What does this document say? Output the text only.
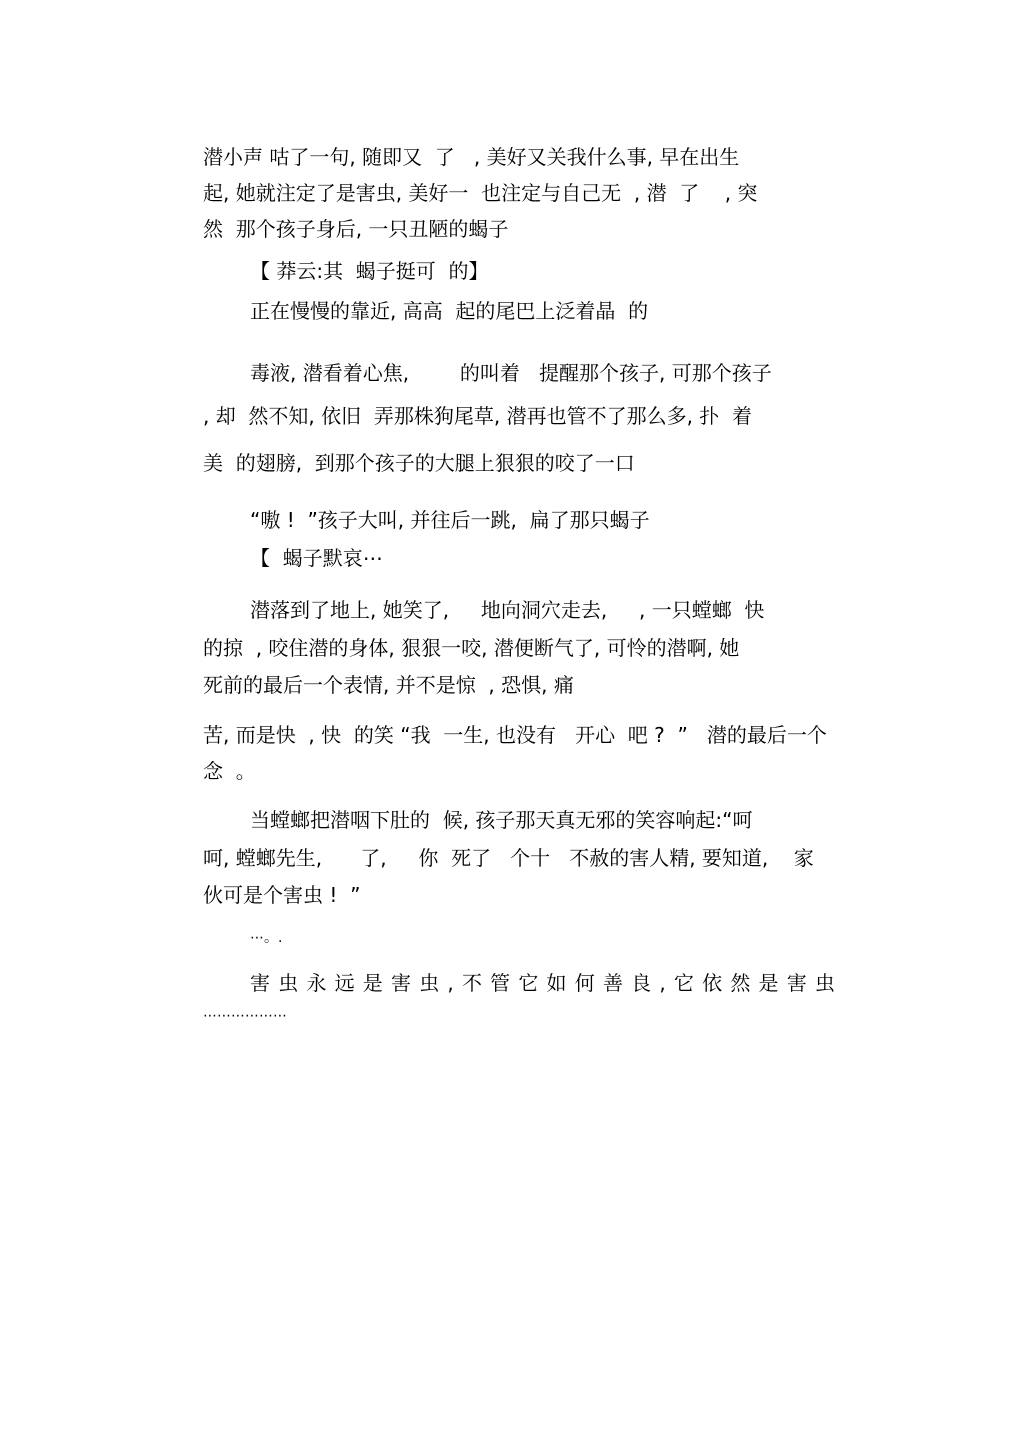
潜小声 咕了一句, 随即又  了   , 美好又关我什么事, 早在出生
起, 她就注定了是害虫, 美好一  也注定与自己无  , 潜  了    , 突
然  那个孩子身后, 一只丑陋的蝎子
【 莽云:其  蝎子挺可  的】
正在慢慢的靠近, 高高  起的尾巴上泛着晶  的
毒液, 潜看着心焦,        的叫着   提醒那个孩子, 可那个孩子
, 却  然不知, 依旧  弄那株狗尾草, 潜再也管不了那么多, 扑  着
美  的翅膀,  到那个孩子的大腿上狠狠的咬了一口
“嗷 !  ”孩子大叫, 并往后一跳,  扁了那只蝎子
【  蝎子默哀⋯
潜落到了地上, 她笑了,     地向洞穴走去,     , 一只螳螂  快
的掠  , 咬住潜的身体, 狠狠一咬, 潜便断气了, 可怜的潜啊, 她
死前的最后一个表情, 并不是惊  , 恐惧, 痛
苦, 而是快  , 快  的笑 “我  一生, 也没有   开心  吧 ?  ”   潜的最后一个
念  。
当螳螂把潜咽下肚的  候, 孩子那天真无邪的笑容响起:“呵
呵, 螳螂先生,      了,     你  死了   个十   不赦的害人精, 要知道,    家
伙可是个害虫 !  ”
⋯。.
害虫永远是害虫,不管它如何善良,它依然是害虫
⋯⋯⋯⋯⋯⋯
